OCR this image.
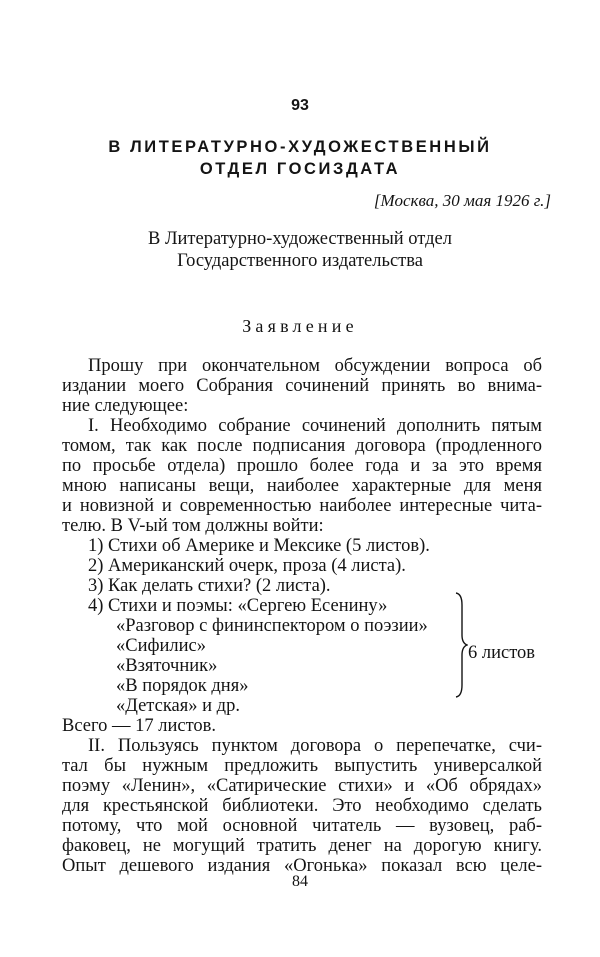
93
В ЛИТЕРАТУРНО-ХУДОЖЕСТВЕННЫЙ
ОТДЕЛ ГОСИЗДАТА
[Москва, 30 мая 1926 г.]
В Литературно-художественный отдел
Государственного издательства
Заявление
Прошу при окончательном обсуждении вопроса об
издании моего Собрания сочинений принять во внима-
ние следующее:
I. Необходимо собрание сочинений дополнить пятым
томом, так как после подписания договора (продленного
по просьбе отдела) прошло более года и за это время
мною написаны вещи, наиболее характерные для меня
и новизной и современностью наиболее интересные чита-
телю. В V-ый том должны войти:
1) Стихи об Америке и Мексике (5 листов).
2) Американский очерк, проза (4 листа).
3) Как делать стихи? (2 листа).
4) Стихи и поэмы: «Сергею Есенину»
«Разговор с фининспектором о поэзии»
«Сифилис»
«Взяточник»
«В порядок дня»
«Детская» и др.
Всего — 17 листов.
II. Пользуясь пунктом договора о перепечатке, счи-
тал бы нужным предложить выпустить универсалкой
поэму «Ленин», «Сатирические стихи» и «Об обрядах»
для крестьянской библиотеки. Это необходимо сделать
потому, что мой основной читатель — вузовец, раб-
факовец, не могущий тратить денег на дорогую книгу.
Опыт дешевого издания «Огонька» показал всю целе-
6 листов
84
